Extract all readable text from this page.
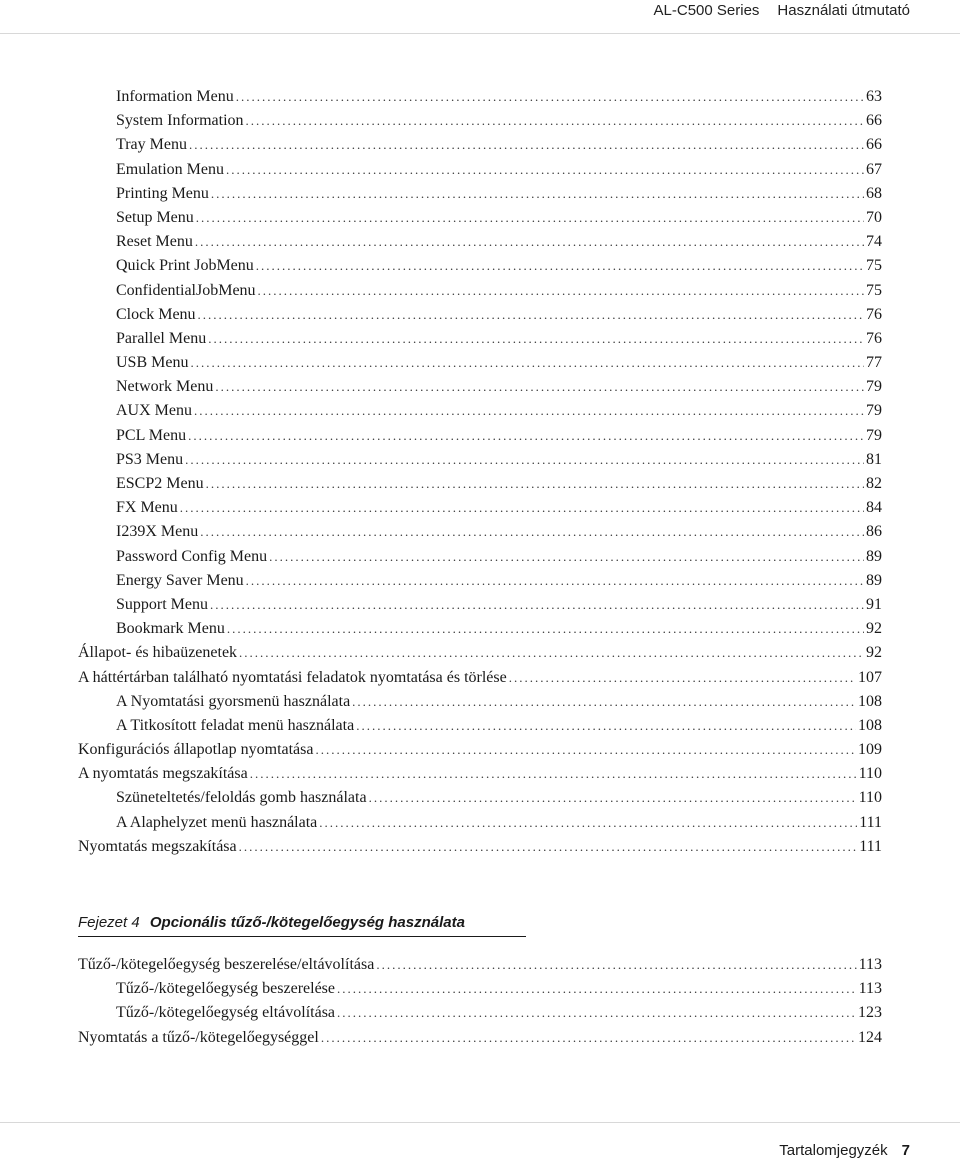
AL-C500 Series Használati útmutató
Information Menu .....	63
System Information .....	66
Tray Menu .....	66
Emulation Menu .....	67
Printing Menu .....	68
Setup Menu .....	70
Reset Menu .....	74
Quick Print JobMenu .....	75
ConfidentialJobMenu .....	75
Clock Menu .....	76
Parallel Menu .....	76
USB Menu .....	77
Network Menu .....	79
AUX Menu .....	79
PCL Menu .....	79
PS3 Menu .....	81
ESCP2 Menu .....	82
FX Menu .....	84
I239X Menu .....	86
Password Config Menu .....	89
Energy Saver Menu .....	89
Support Menu .....	91
Bookmark Menu .....	92
Állapot- és hibaüzenetek .....	92
A háttértárban található nyomtatási feladatok nyomtatása és törlése .....	107
A Nyomtatási gyorsmenü használata .....	108
A Titkosított feladat menü használata .....	108
Konfigurációs állapotlap nyomtatása .....	109
A nyomtatás megszakítása .....	110
Szüneteltetés/feloldás gomb használata .....	110
A Alaphelyzet menü használata .....	111
Nyomtatás megszakítása .....	111
Fejezet 4 Opcionális tűző-/kötegelőegység használata
Tűző-/kötegelőegység beszerelése/eltávolítása .....	113
Tűző-/kötegelőegység beszerelése .....	113
Tűző-/kötegelőegység eltávolítása .....	123
Nyomtatás a tűző-/kötegelőegységgel .....	124
Tartalomjegyzék 7
